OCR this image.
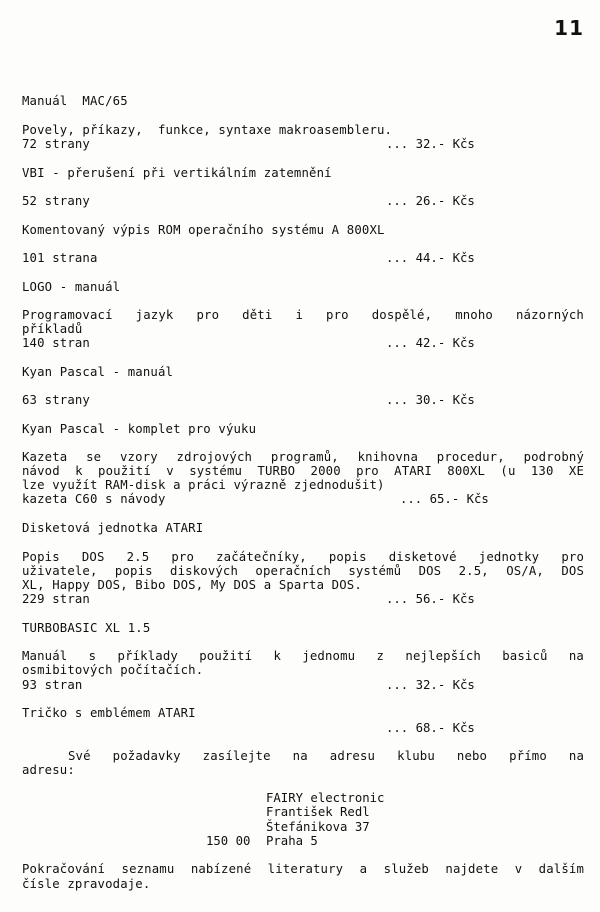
11
Manuál  MAC/65
Povely, příkazy,  funkce, syntaxe makroasembleru.
72 strany	... 32.- Kčs
VBI - přerušení při vertikálním zatemnění
52 strany	... 26.- Kčs
Komentovaný výpis ROM operačního systému A 800XL
101 strana	... 44.- Kčs
LOGO - manuál
Programovací jazyk pro děti i pro dospělé, mnoho názorných
příkladů
140 stran	... 42.- Kčs
Kyan Pascal - manuál
63 strany	... 30.- Kčs
Kyan Pascal - komplet pro výuku
Kazeta se vzory zdrojových programů, knihovna procedur, podrobný
návod k použití v systému TURBO 2000 pro ATARI 800XL (u 130 XE
lze využít RAM-disk a práci výrazně zjednodušit)
kazeta C60 s návody	... 65.- Kčs
Disketová jednotka ATARI
Popis DOS 2.5 pro začátečníky, popis disketové jednotky pro
uživatele, popis diskových operačních systémů DOS 2.5, OS/A, DOS
XL, Happy DOS, Bibo DOS, My DOS a Sparta DOS.
229 stran	... 56.- Kčs
TURBOBASIC XL 1.5
Manuál s příklady použití k jednomu z nejlepších basiců na
osmibitových počítačích.
93 stran	... 32.- Kčs
Tričko s emblémem ATARI
... 68.- Kčs
Své požadavky zasílejte na adresu klubu nebo přímo na
adresu:
FAIRY electronic
František Redl
Štefánikova 37
150 00 Praha 5
Pokračování seznamu nabízené literatury a služeb najdete v dalším
čísle zpravodaje.
